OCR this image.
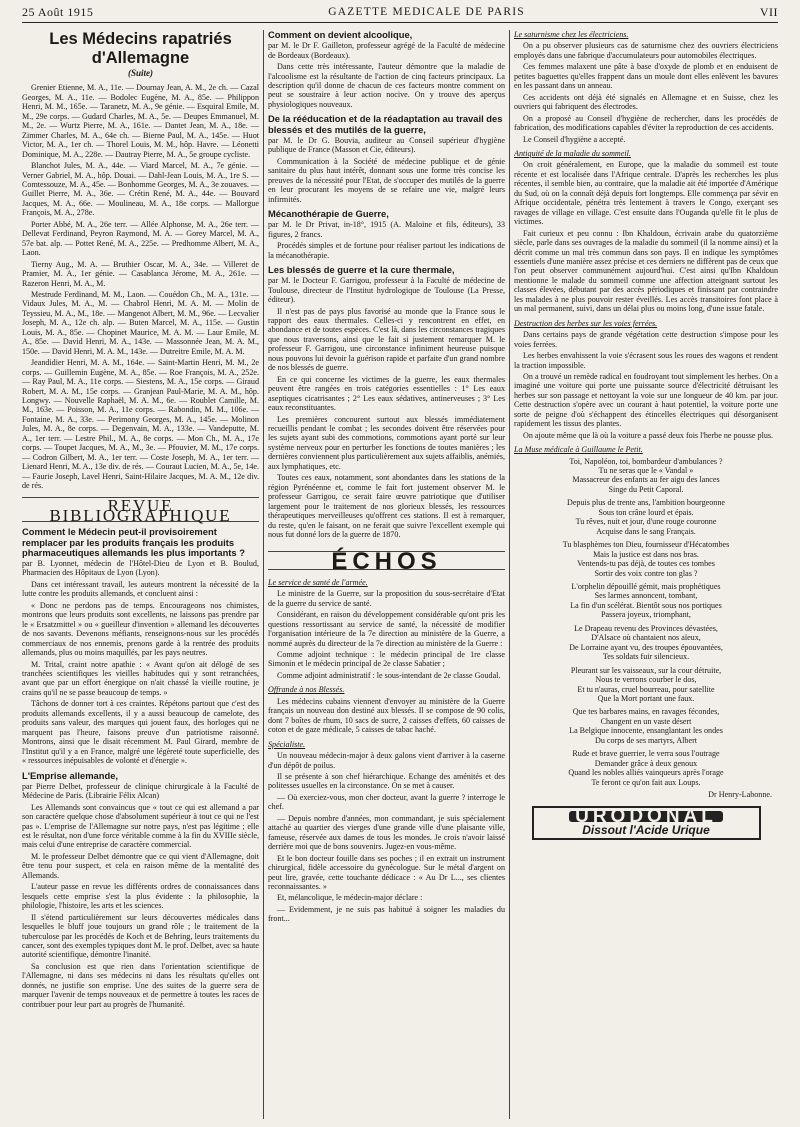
25 Août 1915	GAZETTE MEDICALE DE PARIS	VII
Les Médecins rapatriés d'Allemagne
(Suite)

Grenier Etienne, M. A., 11e. — Dournay Jean, A. M., 2e ch. — Cazal Georges, M. A., 11e. — Bodolec Eugène, M. A., 85e. — Philippon Henri, M. M., 165e. — Taranetz, M. A., 9e génie. — Esquiral Emile, M. M., 29e corps. — Gudard Charles, M. A., 5e. — Deupes Emmanuel, M. M., 2e. — Wurtz Pierre, M. A., 161e. — Dantet Jean, M. A., 18e. — Zimmer Charles, M. A., 64e ch. — Bierne Paul, M. A., 145e. — Huot Victor, M. A., 1er ch. — Thorel Louis, M. M., hôp. Havre. — Léonetti Dominique, M. A., 228e. — Dautray Pierre, M. A., 5e groupe cycliste.

Blanchot Jules, M. A., 44e. — Viard Marcel, M. A., 7e génie. — Verner Gabriel, M. A., hôp. Douai. — Dahl-Jean Louis, M. A., 1re S. — Comtessouze, M. A., 45e. — Bonhomme Georges, M. A., 3e zouaves. — Guillet Pierre, M. A., 36e. — Crétin René, M. A., 44e. — Bouvard Jacques, M. A., 66e. — Moulineau, M. A., 18e corps. — Mallorgue François, M. A., 278e.

Porter Abbé, M. A., 26e terr. — Allée Alphonse, M. A., 26e terr. — Dellevat Ferdinand, Peyron Raymond, M. A. — Gorey Marcel, M. A., 57e bat. alp. — Pottet René, M. A., 225e. — Predhomme Albert, M. A., Laon.

Tierny Aug., M. A. — Bruthier Oscar, M. A., 34e. — Villeret de Pramier, M. A., 1er génie. — Casablanca Jérome, M. A., 261e. — Razeron Henri, M. A., M.

Mestrude Ferdinand, M. M., Laon. — Couédon Ch., M. A., 131e. — Vidaux Jules, M. A., M. — Chabrol Henri, M. A. M. — Molin de Teyssieu, M. A., M., 18e. — Mangenot Albert, M. M., 96e. — Lecvalier Joseph, M. A., 12e ch. alp. — Buten Marcel, M. A., 115e. — Gustin Louis, M. A., 85e. — Chopinet Maurice, M. A. M. — Laur Emile, M. A., 85e. — David Henri, M. A., 143e. — Massonnée Jean, M. A. M., 150e. — David Henri, M. A. M., 143e. — Dutreitre Emile, M. A. M.

Jeandidier Henri, M. A. M., 164e. — Saint-Martin Henri, M. M., 2e corps. — Guillemin Eugène, M. A., 85e. — Roe François, M. A., 252e. — Ray Paul, M. A., 11e corps. — Siestens, M. A., 15e corps. — Giraud Robert, M. A. M., 15e corps. — Granjean Paul-Marie, M. A. M., hôp. Longwy. — Nouvelle Raphaël, M. A. M., 6e. — Roublet Camille, M. M., 163e. — Poisson, M. A., 11e corps. — Rabondin, M. M., 106e. — Fontaine, M. A., 33e. — Perimony Georges, M. A., 145e. — Molinon Jules, M. A., 8e corps. — Degenvain, M. A., 133e. — Vandeputte, M. A., 1er terr. — Lestre Phil., M. A., 8e corps. — Mon Ch., M. A., 17e corps. — Toupet Jacques, M. A., M., 3e. — Pfouvier, M. M., 17e corps. — Codron Gilbert, M. A., 1er terr. — Coste Joseph, M. A., 1er terr. — Lienard Henri, M. A., 13e div. de rés. — Couraut Lucien, M. A., 5e, 14e. — Faurie Joseph, Lavel Henri, Saint-Hilaire Jacques, M. A. M., 12e div. de rés.

REVUE BIBLIOGRAPHIQUE
Comment le Médecin peut-il provisoirement remplacer par les produits français les produits pharmaceutiques allemands les plus importants ?

par B. Lyonnet, médecin de l'Hôtel-Dieu de Lyon et B. Boulud, Pharmacien des Hôpitaux de Lyon (Lyon).

Dans cet intéressant travail, les auteurs montrent la nécessité de la lutte contre les produits allemands, et concluent ainsi :

« Donc ne perdons pas de temps. Encourageons nos chimistes, montrons que leurs produits sont excellents, ne laissons pas prendre par le « Ersatzmittel » ou « gueilleur d'invention » allemand les découvertes de nos savants. Devenons méfiants, renseignons-nous sur les procédés commerciaux de nos ennemis, prenons garde à la rentrée des produits allemands, plus ou moins maquillés, par les pays neutres.

M. Trital, craint notre apathie : « Avant qu'on ait délogé de ses tranchées scientifiques les vieilles habitudes qui y sont retranchées, avant que par un effort énergique on n'ait chassé la vieille routine, je crains qu'il ne se passe beaucoup de temps. »

Tâchons de donner tort à ces craintes. Répétons partout que c'est des produits allemands excellents, il y a aussi beaucoup de camelote, des produits sans valeur, des marques qui jouent faux, des horloges qui ne marquent pas l'heure, faisons preuve d'un patriotisme raisonné. Montrons, ainsi que le disait récemment M. Paul Girard, membre de l'Institut qu'il y a en France, malgré une légèreté toute superficielle, des « ressources inépuisables de volonté et d'énergie ».

L'Emprise allemande,

par Pierre Delbet, professeur de clinique chirurgicale à la Faculté de Médecine de Paris. (Librairie Félix Alcan)

Les Allemands sont convaincus que « tout ce qui est allemand a par son caractère quelque chose d'absolument supérieur à tout ce qui ne l'est pas ». L'emprise de l'Allemagne sur notre pays, n'est pas légitime ; elle est le résultat, non d'une force véritable comme à la fin du XVIIIe siècle, mais celui d'une entreprise de caractère commercial.

M. le professeur Delbet démontre que ce qui vient d'Allemagne, doit être tenu pour suspect, et cela en raison même de la mentalité des Allemands.

L'auteur passe en revue les différents ordres de connaissances dans lesquels cette emprise s'est la plus évidente : la philosophie, la philologie, l'histoire, les arts et les sciences.

Il s'étend particulièrement sur leurs découvertes médicales dans lesquelles le bluff joue toujours un grand rôle ; le traitement de la tuberculose par les procédés de Koch et de Behring, leurs traitements du cancer, sont des exemples typiques dont M. le prof. Delbet, avec sa haute autorité scientifique, démontre l'inanité.

Sa conclusion est que rien dans l'orientation scientifique de l'Allemagne, ni dans ses médecins ni dans les résultats qu'elles ont donnés, ne justifie son emprise. Une des suites de la guerre sera de marquer l'avenir de temps nouveaux et de permettre à toutes les races de contribuer pour leur part au progrès de l'humanité.

Comment on devient alcoolique,

par M. le Dr F. Gailleton, professeur agrégé de la Faculté de médecine de Bordeaux (Bordeaux).

Dans cette très intéressante, l'auteur démontre que la maladie de l'alcoolisme est la résultante de l'action de cinq facteurs principaux. La description qu'il donne de chacun de ces facteurs montre comment on peut se soustraire à leur action nocive. On y trouve des aperçus physiologiques nouveaux.

De la rééducation et de la réadaptation au travail des blessés et des mutilés de la guerre,

par M. le Dr G. Bouvia, auditeur au Conseil supérieur d'hygiène publique de France (Masson et Cie, éditeurs).

Communication à la Société de médecine publique et de génie sanitaire du plus haut intérêt, donnant sous une forme très concise les preuves de la nécessité pour l'Etat, de s'occuper des mutilés de la guerre en leur procurant les moyens de se refaire une vie, malgré leurs infirmités.

Mécanothérapie de Guerre,

par M. le Dr Privat, in-18°, 1915 (A. Maloine et fils, éditeurs), 33 figures, 2 francs.

Procédés simples et de fortune pour réaliser partout les indications de la mécanothérapie.

Les blessés de guerre et la cure thermale,

par M. le Docteur F. Garrigou, professeur à la Faculté de médecine de Toulouse, directeur de l'Institut hydrologique de Toulouse (La Presse, éditeur).

Il n'est pas de pays plus favorisé au monde que la France sous le rapport des eaux thermales. Celles-ci y rencontrent en effet, en abondance et de toutes espèces. C'est là, dans les circonstances tragiques que nous traversons, ainsi que le fait si justement remarquer M. le professeur F. Garrigou, une circonstance infiniment heureuse puisque nous pouvons lui devoir la guérison rapide et parfaite d'un grand nombre de nos blessés de guerre.

En ce qui concerne les victimes de la guerre, les eaux thermales peuvent être rangées en trois catégories essentielles : 1° Les eaux aseptiques cicatrisantes ; 2° Les eaux sédatives, antinerveuses ; 3° Les eaux reconstituantes.

Les premières concourent surtout aux blessés immédiatement recueillis pendant le combat ; les secondes doivent être réservées pour les sujets ayant subi des commotions, commotions ayant porté sur leur système nerveux pour en perturber les fonctions de toutes manières ; les dernières conviennent plus particulièrement aux sujets affaiblis, anémiés, aux lymphatiques, etc.

Toutes ces eaux, notamment, sont abondantes dans les stations de la région Pyrénéenne et, comme le fait fort justement observer M. le professeur Garrigou, ce serait faire œuvre patriotique que d'utiliser largement pour le traitement de nos glorieux blessés, les ressources thérapeutiques merveilleuses qu'offrent ces stations. Il est à remarquer, du reste, qu'en le faisant, on ne ferait que suivre l'excellent exemple qui nous fut donné lors de la guerre de 1870.

ÉCHOS

Le service de santé de l'armée.

Le ministre de la Guerre, sur la proposition du sous-secrétaire d'Etat de la guerre du service de santé.

Considérant, en raison du développement considérable qu'ont pris les questions ressortissant au service de santé, la nécessité de modifier l'organisation intérieure de la 7e direction au ministère de la Guerre, a nommé auprès du directeur de la 7e direction au ministère de la Guerre :

Comme adjoint technique : le médecin principal de 1re classe Simonin et le médecin principal de 2e classe Sabatier ;

Comme adjoint administratif : le sous-intendant de 2e classe Goudal.

Offrande à nos Blessés.

Les médecins cubains viennent d'envoyer au ministère de la Guerre français un nouveau don destiné aux blessés. Il se compose de 90 colis, dont 7 boîtes de rhum, 10 sacs de sucre, 2 caisses d'effets, 60 caisses de coton et de gaze médicale, 5 caisses de tabac haché.

Spécialiste.

Un nouveau médecin-major à deux galons vient d'arriver à la caserne d'un dépôt de poilus.

Il se présente à son chef hiérarchique. Echange des aménités et des politesses usuelles en la circonstance. On se met à causer.

— Où exerciez-vous, mon cher docteur, avant la guerre ? interroge le chef.

— Depuis nombre d'années, mon commandant, je suis spécialement attaché au quartier des vierges d'une grande ville d'une plaisante ville, fameuse, réservée aux dames de tous les mondes. Je crois n'avoir laissé derrière moi que de bons souvenirs. Jugez-en vous-même.

Et le bon docteur fouille dans ses poches ; il en extrait un instrument chirurgical, fidèle accessoire du gynécologue. Sur le métal d'argent on peut lire, gravée, cette touchante dédicace : « Au Dr L..., ses clientes reconnaissantes. »

Et, mélancolique, le médecin-major déclare :

— Evidemment, je ne suis pas habitué à soigner les maladies du front...

Le saturnisme chez les électriciens.

On a pu observer plusieurs cas de saturnisme chez des ouvriers électriciens employés dans une fabrique d'accumulateurs pour automobiles électriques.

Ces femmes malaxent une pâte à base d'oxyde de plomb et en enduisent de petites baguettes qu'elles frappent dans un moule dont elles enlèvent les bavures en les passant dans un anneau.

Ces accidents ont déjà été signalés en Allemagne et en Suisse, chez les ouvriers qui fabriquent des électrodes.

On a proposé au Conseil d'hygiène de rechercher, dans les procédés de fabrication, des modifications capables d'éviter la reproduction de ces accidents.

Le Conseil d'hygiène a accepté.

Antiquité de la maladie du sommeil.

On croit généralement, en Europe, que la maladie du sommeil est toute récente et est localisée dans l'Afrique centrale. D'après les recherches les plus récentes, il semble bien, au contraire, que la maladie ait été importée d'Amérique du Sud, où on la connaît déjà depuis fort longtemps. Elle commença par sévir en Afrique occidentale, pénétra très lentement à travers le Congo, exerçant ses ravages de village en village. C'est ensuite dans l'Ouganda qu'elle fit le plus de victimes.

Fait curieux et peu connu : Ibn Khaldoun, écrivain arabe du quatorzième siècle, parle dans ses ouvrages de la maladie du sommeil (il la nomme ainsi) et la décrit comme un mal très commun dans son pays. Il en indique les symptômes essentiels d'une manière assez précise et ces derniers ne diffèrent pas de ceux que l'on peut observer communément aujourd'hui. C'est ainsi qu'Ibn Khaldoun mentionne le malade du sommeil comme une affection atteignant surtout les classes élevées, débutant par des accès périodiques et finissant par contraindre les malades à ne plus pouvoir rester éveillés. Les accès transitoires font place à un mal permanent, suivi, dans un délai plus ou moins long, d'une issue fatale.

Destruction des herbes sur les voies ferrées.

Dans certains pays de grande végétation cette destruction s'impose pour les voies ferrées.

Les herbes envahissent la voie s'écrasent sous les roues des wagons et rendent la traction impossible.

On a trouvé un remède radical en foudroyant tout simplement les herbes. On a imaginé une voiture qui porte une puissante source d'électricité détruisant les herbes sur son passage et nettoyant la voie sur une longueur de 40 km. par jour. Cette destruction s'opère avec un courant à haut potentiel, la voiture porte une sorte de peigne d'où s'échappent des étincelles électriques qui désorganisent rapidement les tissus des plantes.

On ajoute même que là où la voiture a passé deux fois l'herbe ne pousse plus.

La Muse médicale à Guillaume le Petit.

Toi, Napoléon, toi, bombardeur d'ambulances ?

Tu ne seras que le « Vandal »

Massacreur des enfants au fer aigu des lances

Singe du Petit Caporal.

Depuis plus de trente ans, l'ambition bourgeonne

Sous ton crâne lourd et épais.

Tu rêves, nuit et jour, d'une rouge couronne

Acquise dans le sang Français.

Tu blasphèmes ton Dieu, fournisseur d'Hécatombes

Mais la justice est dans nos bras.

Ventends-tu pas déjà, de toutes ces tombes

Sortir des voix contre ton glas ?

L'orphelin dépouillé gémit, mais prophétiques

Ses larmes annoncent, tombant,

La fin d'un scélérat. Bientôt sous nos portiques

Passera joyeux, triomphant,

Le Drapeau revenu des Provinces dévastées,

D'Alsace où chantaient nos aïeux,

De Lorraine ayant vu, des troupes épouvantées,

Tes soldats fuir silencieux.

Pleurant sur les vaisseaux, sur la cour détruite,

Nous te verrons courber le dos,

Et tu n'auras, cruel bourreau, pour satellite

Que la Mort portant une faux.

Que tes barbares mains, en ravages fécondes,

Changent en un vaste désert

La Belgique innocente, ensanglantant les ondes

Du corps de ses martyrs, Albert

Rude et brave guerrier, le verra sous l'outrage

Demander grâce à deux genoux

Quand les nobles alliés vainqueurs après l'orage

Te feront ce qu'on fait aux Loups.

Dr Henry-Labonne.

URODONAL
Dissout l'Acide Urique
